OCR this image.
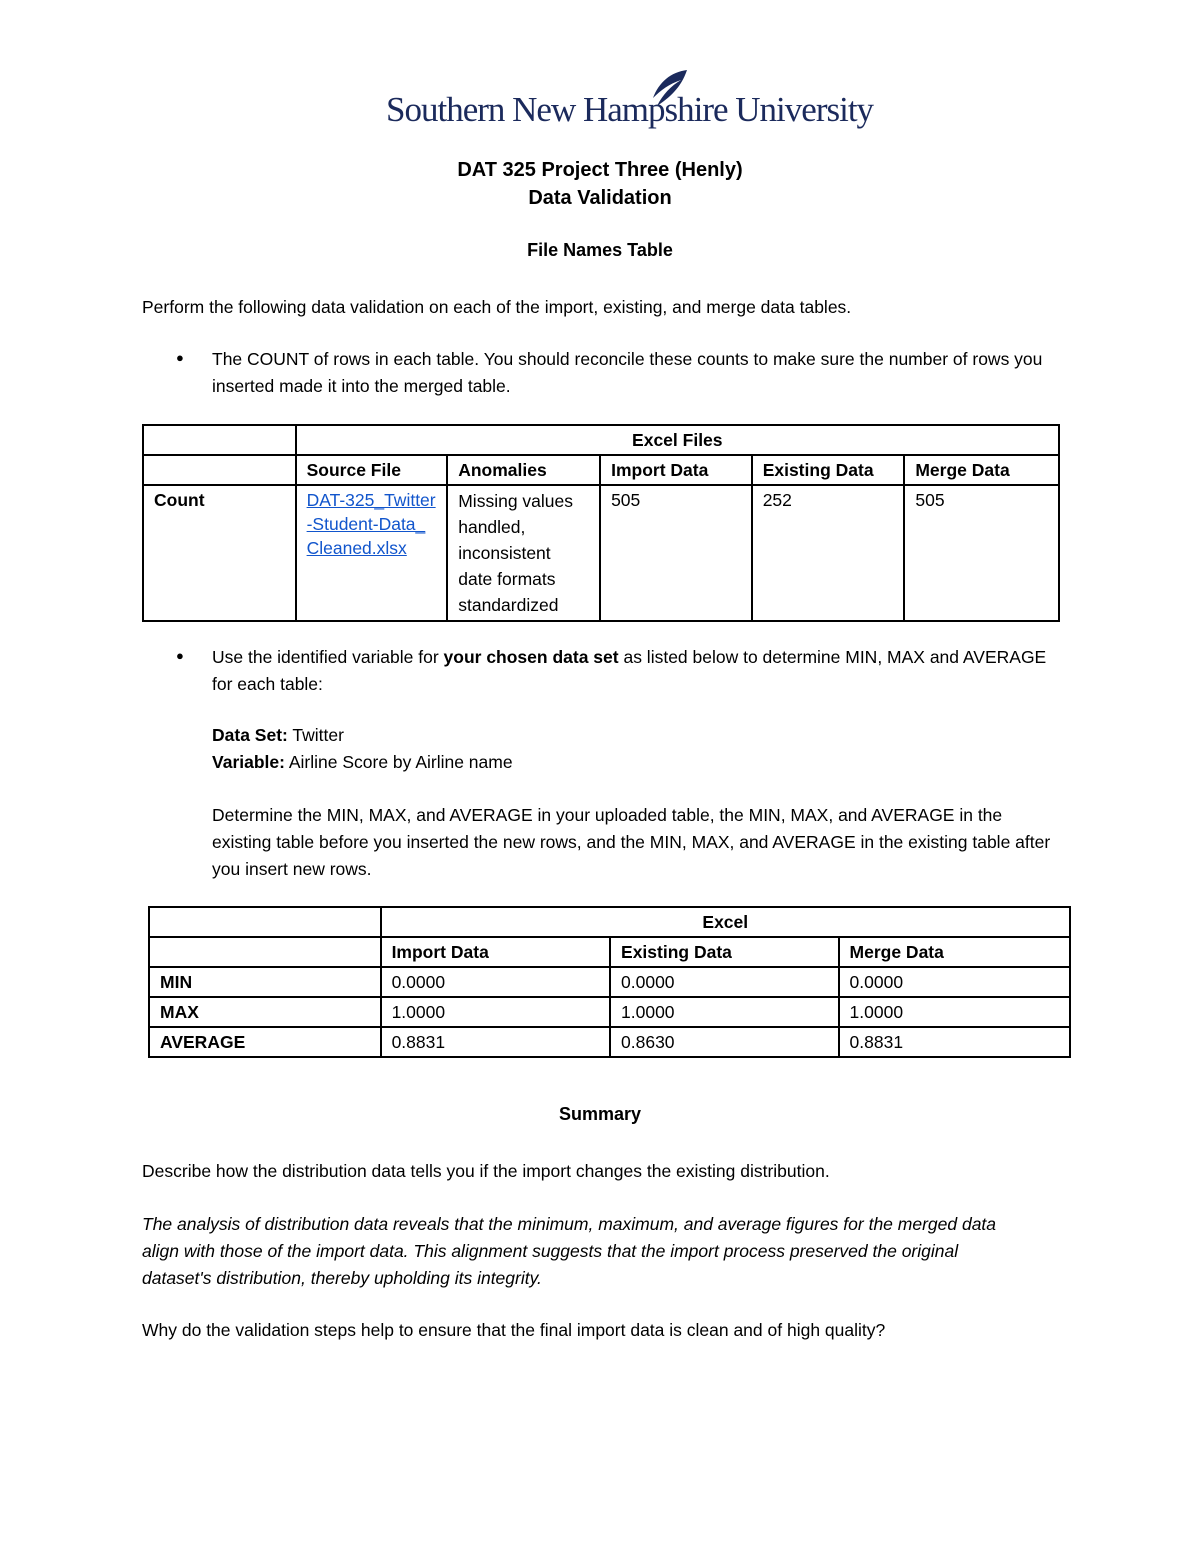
Southern New Hampshire University
DAT 325 Project Three (Henly)
Data Validation
File Names Table
Perform the following data validation on each of the import, existing, and merge data tables.
● The COUNT of rows in each table. You should reconcile these counts to make sure the number of rows you inserted made it into the merged table.
	Excel Files				
	Source File	Anomalies	Import Data	Existing Data	Merge Data
Count	DAT-325_Twitter-Student-Data_Cleaned.xlsx	Missing values handled, inconsistent date formats standardized	505	252	505
● Use the identified variable for your chosen data set as listed below to determine MIN, MAX and AVERAGE for each table:
Data Set: Twitter
Variable: Airline Score by Airline name
Determine the MIN, MAX, and AVERAGE in your uploaded table, the MIN, MAX, and AVERAGE in the existing table before you inserted the new rows, and the MIN, MAX, and AVERAGE in the existing table after you insert new rows.
	Excel		
	Import Data	Existing Data	Merge Data
MIN	0.0000	0.0000	0.0000
MAX	1.0000	1.0000	1.0000
AVERAGE	0.8831	0.8630	0.8831
Summary
Describe how the distribution data tells you if the import changes the existing distribution.
The analysis of distribution data reveals that the minimum, maximum, and average figures for the merged data align with those of the import data. This alignment suggests that the import process preserved the original dataset's distribution, thereby upholding its integrity.
Why do the validation steps help to ensure that the final import data is clean and of high quality?
